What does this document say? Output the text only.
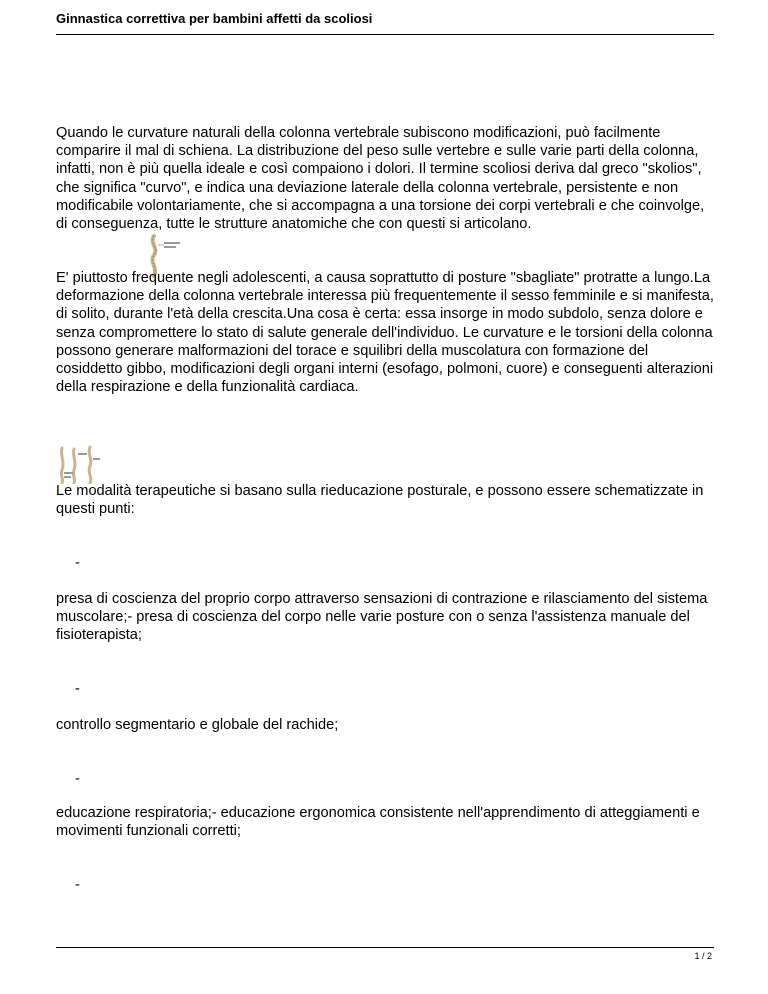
Ginnastica correttiva per bambini affetti da scoliosi

Quando le curvature naturali della colonna vertebrale subiscono modificazioni, può facilmente comparire il mal di schiena. La distribuzione del peso sulle vertebre e sulle varie parti della colonna, infatti, non è più quella ideale e così compaiono i dolori. Il termine scoliosi deriva dal greco "skolios", che significa "curvo", e indica una deviazione laterale della colonna vertebrale, persistente e non modificabile volontariamente, che si accompagna a una torsione dei corpi vertebrali e che coinvolge, di conseguenza, tutte le strutture anatomiche che con questi si articolano.

E' piuttosto frequente negli adolescenti, a causa soprattutto di posture "sbagliate" protratte a lungo.La deformazione della colonna vertebrale interessa più frequentemente il sesso femminile e si manifesta, di solito, durante l'età della crescita.Una cosa è certa: essa insorge in modo subdolo, senza dolore e senza compromettere lo stato di salute generale dell'individuo. Le curvature e le torsioni della colonna possono generare malformazioni del torace e squilibri della muscolatura con formazione del cosiddetto gibbo, modificazioni degli organi interni (esofago, polmoni, cuore) e conseguenti alterazioni della respirazione e della funzionalità cardiaca.

Le modalità terapeutiche si basano sulla rieducazione posturale, e possono essere schematizzate in questi punti:

-

presa di coscienza del proprio corpo attraverso sensazioni di contrazione e rilasciamento del sistema muscolare;- presa di coscienza del corpo nelle varie posture con o senza l'assistenza manuale del fisioterapista;

-

controllo segmentario e globale del rachide;

-

educazione respiratoria;- educazione ergonomica consistente nell'apprendimento di atteggiamenti e movimenti funzionali corretti;

-
1 / 2
